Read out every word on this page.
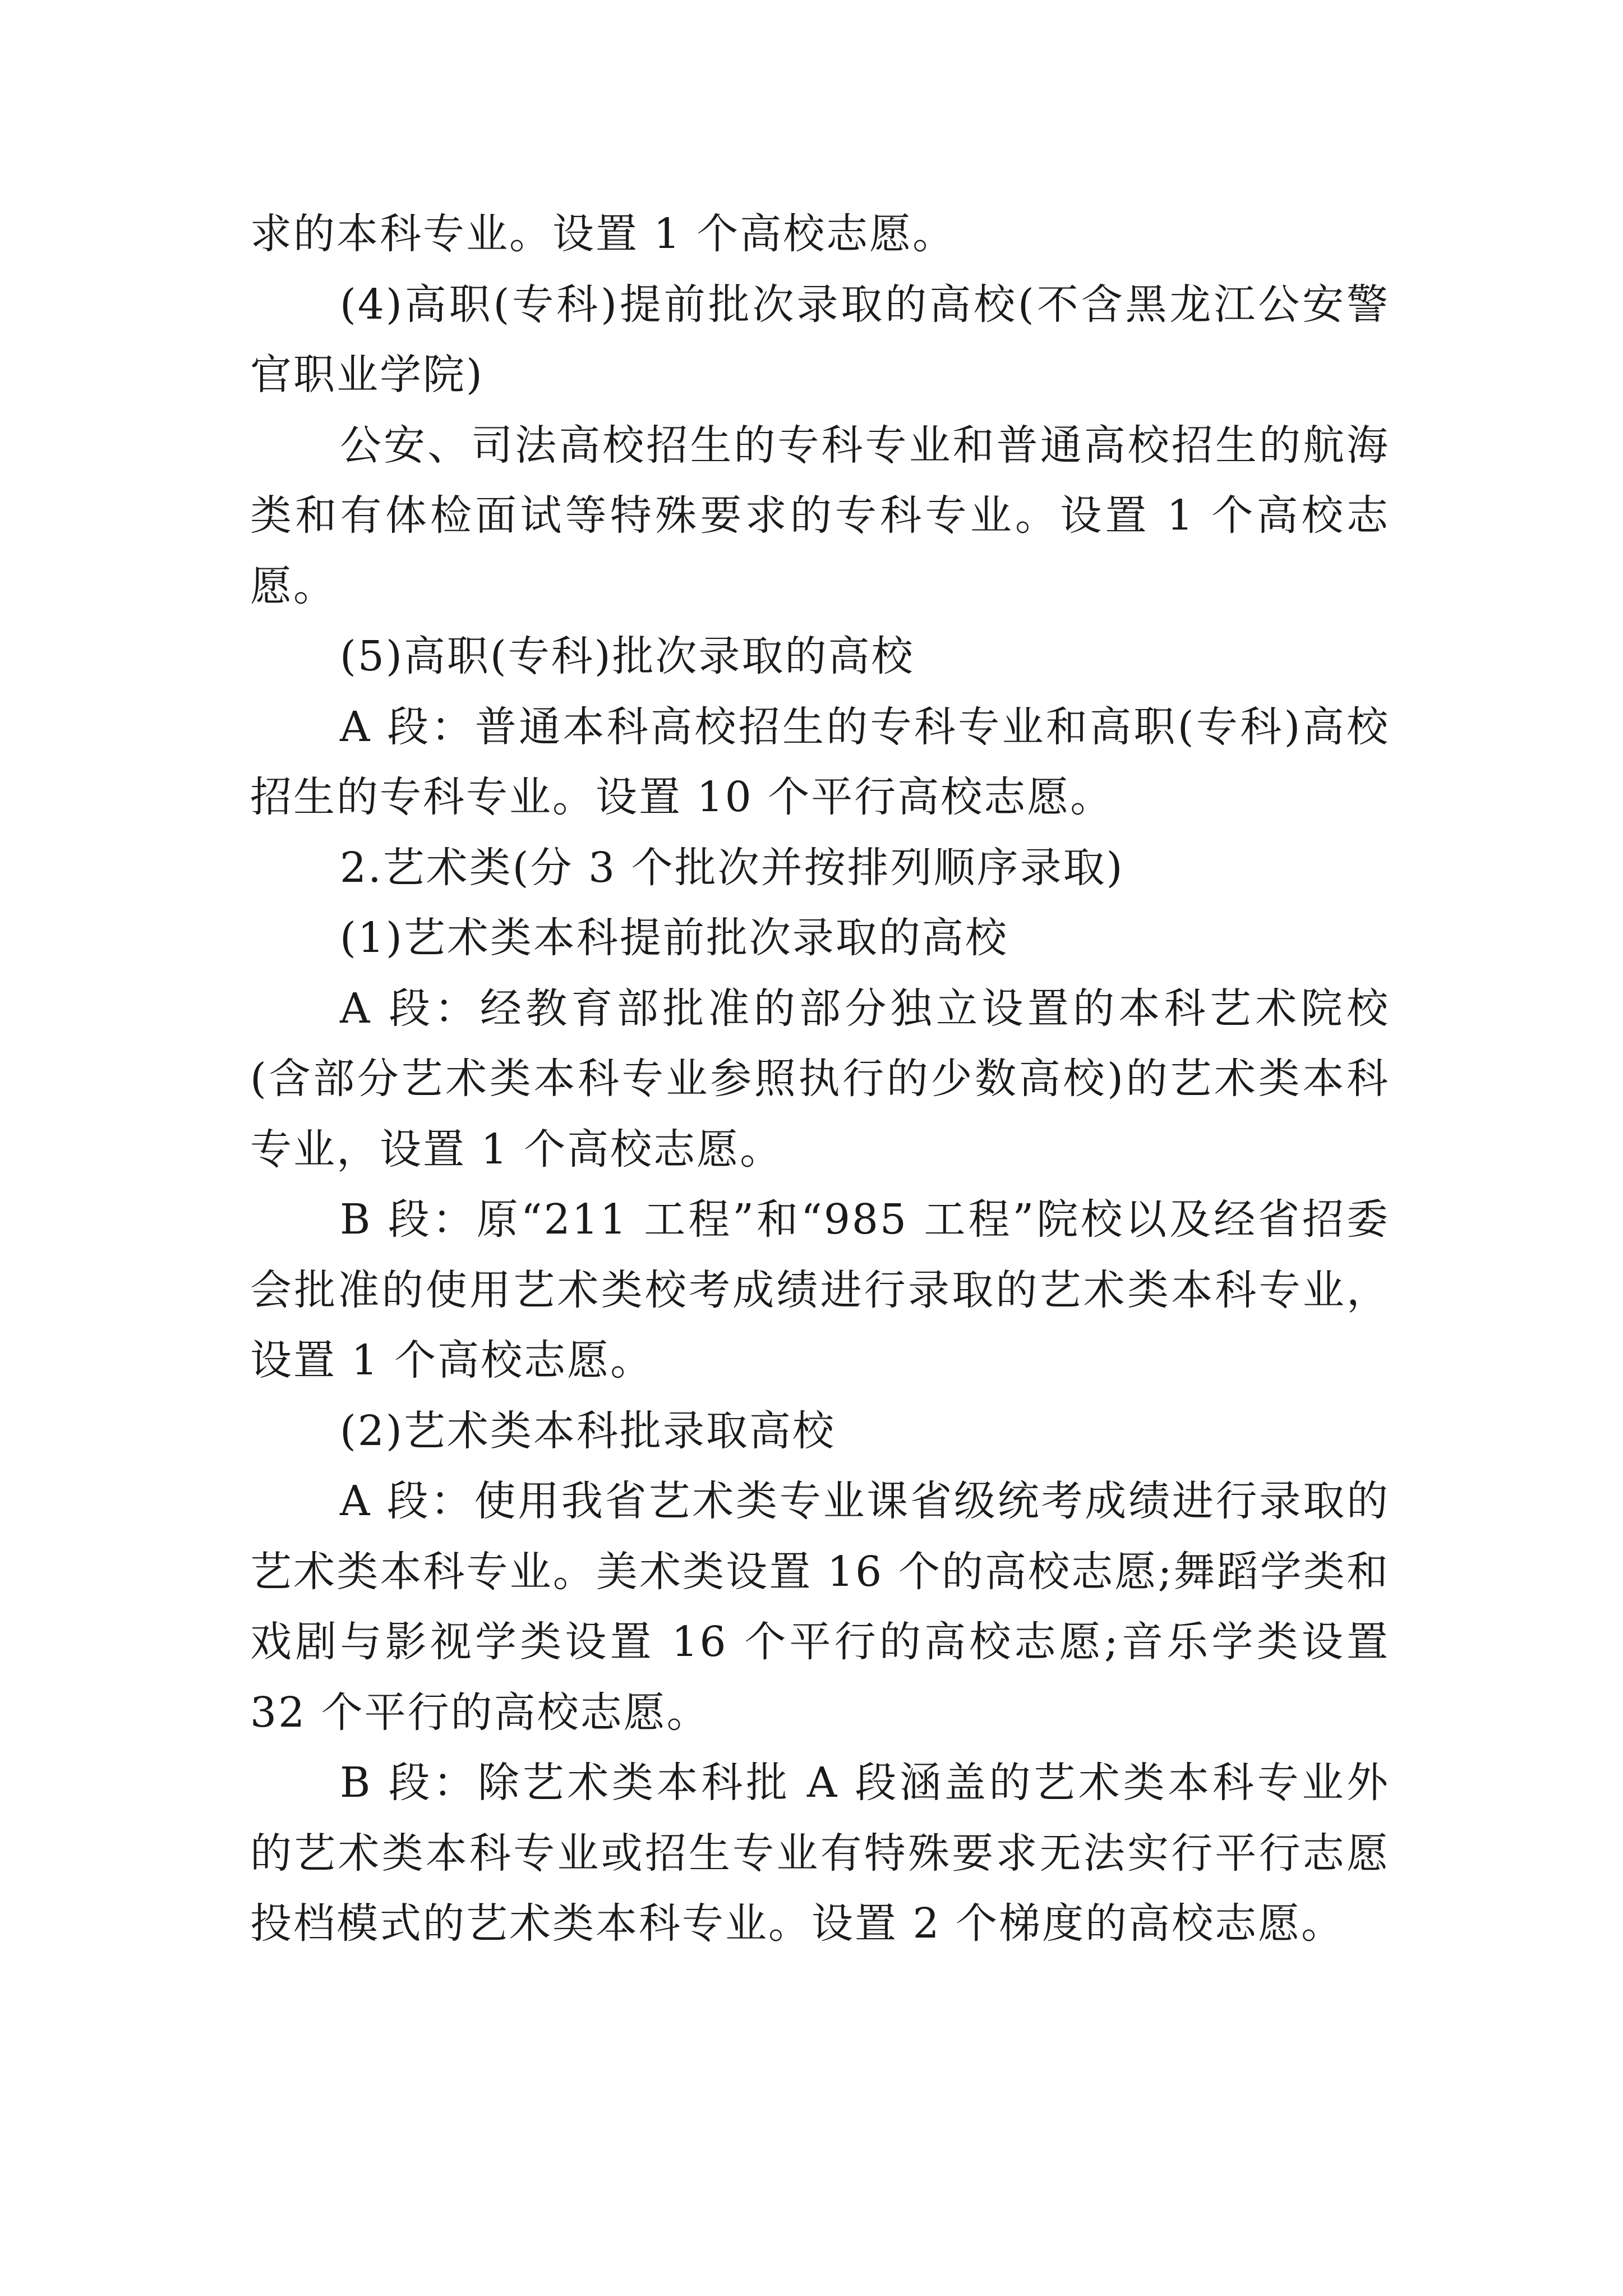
求的本科专业。设置 1 个高校志愿。

(4)高职(专科)提前批次录取的高校(不含黑龙江公安警官职业学院)

公安、司法高校招生的专科专业和普通高校招生的航海类和有体检面试等特殊要求的专科专业。设置 1 个高校志愿。

(5)高职(专科)批次录取的高校

A 段：普通本科高校招生的专科专业和高职(专科)高校招生的专科专业。设置 10 个平行高校志愿。

2.艺术类(分 3 个批次并按排列顺序录取)

(1)艺术类本科提前批次录取的高校

A 段：经教育部批准的部分独立设置的本科艺术院校(含部分艺术类本科专业参照执行的少数高校)的艺术类本科专业，设置 1 个高校志愿。

B 段：原“211 工程”和“985 工程”院校以及经省招委会批准的使用艺术类校考成绩进行录取的艺术类本科专业，设置 1 个高校志愿。

(2)艺术类本科批录取高校

A 段：使用我省艺术类专业课省级统考成绩进行录取的艺术类本科专业。美术类设置 16 个的高校志愿;舞蹈学类和戏剧与影视学类设置 16 个平行的高校志愿;音乐学类设置 32 个平行的高校志愿。

B 段：除艺术类本科批 A 段涵盖的艺术类本科专业外的艺术类本科专业或招生专业有特殊要求无法实行平行志愿投档模式的艺术类本科专业。设置 2 个梯度的高校志愿。
